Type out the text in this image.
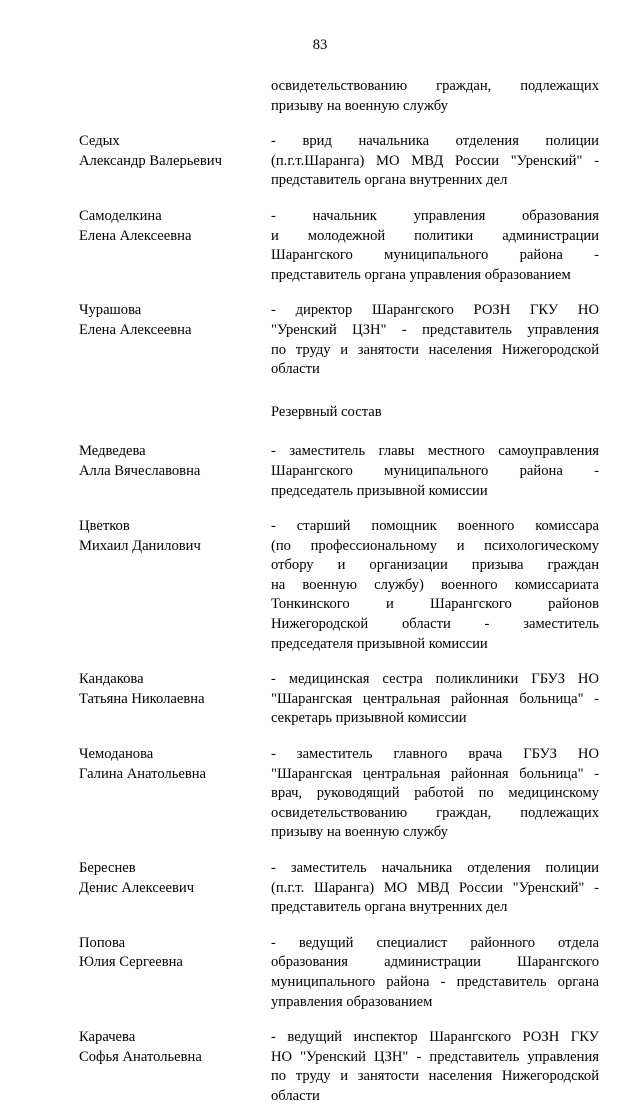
83
освидетельствованию граждан, подлежащих
призыву на военную службу
Седых
Александр Валерьевич
- врид начальника отделения полиции
(п.г.т.Шаранга) МО МВД России "Уренский" -
представитель органа внутренних дел
Самоделкина
Елена Алексеевна
- начальник управления образования
и молодежной политики администрации
Шарангского муниципального района -
представитель органа управления образованием
Чурашова
Елена Алексеевна
- директор Шарангского РОЗН ГКУ НО
"Уренский ЦЗН" - представитель управления
по труду и занятости населения Нижегородской
области
Резервный состав
Медведева
Алла Вячеславовна
- заместитель главы местного самоуправления
Шарангского муниципального района -
председатель призывной комиссии
Цветков
Михаил Данилович
- старший помощник военного комиссара
(по профессиональному и психологическому
отбору и организации призыва граждан
на военную службу) военного комиссариата
Тонкинского и Шарангского районов
Нижегородской области - заместитель
председателя призывной комиссии
Кандакова
Татьяна Николаевна
- медицинская сестра поликлиники ГБУЗ НО
"Шарангская центральная районная больница" -
секретарь призывной комиссии
Чемоданова
Галина Анатольевна
- заместитель главного врача ГБУЗ НО
"Шарангская центральная районная больница" -
врач, руководящий работой по медицинскому
освидетельствованию граждан, подлежащих
призыву на военную службу
Береснев
Денис Алексеевич
- заместитель начальника отделения полиции
(п.г.т. Шаранга) МО МВД России "Уренский" -
представитель органа внутренних дел
Попова
Юлия Сергеевна
- ведущий специалист районного отдела
образования администрации Шарангского
муниципального района - представитель органа
управления образованием
Карачева
Софья Анатольевна
- ведущий инспектор Шарангского РОЗН ГКУ
НО "Уренский ЦЗН" - представитель управления
по труду и занятости населения Нижегородской
области
